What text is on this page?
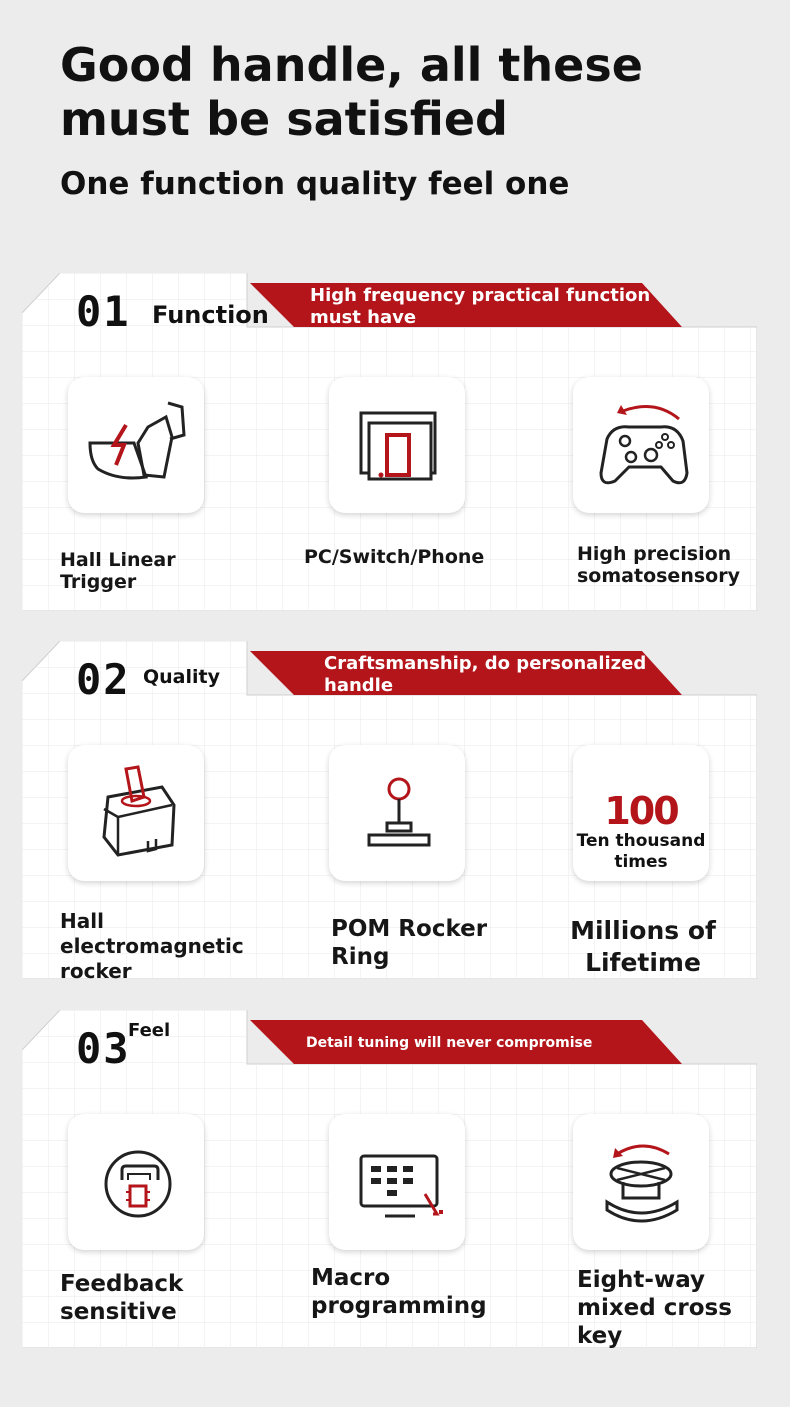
Good handle, all these must be satisfied
One function quality feel one
01 Function
High frequency practical function must have
Hall Linear Trigger
PC/Switch/Phone	High precision somatosensory
02 Quality
Craftsmanship, do personalized handle
Hall electromagnetic rocker
POM Rocker Ring
100
Ten thousand times
Millions of Lifetime
03
Feel
Detail tuning will never compromise
Feedback sensitive
Macro programming
Eight-way mixed cross key
